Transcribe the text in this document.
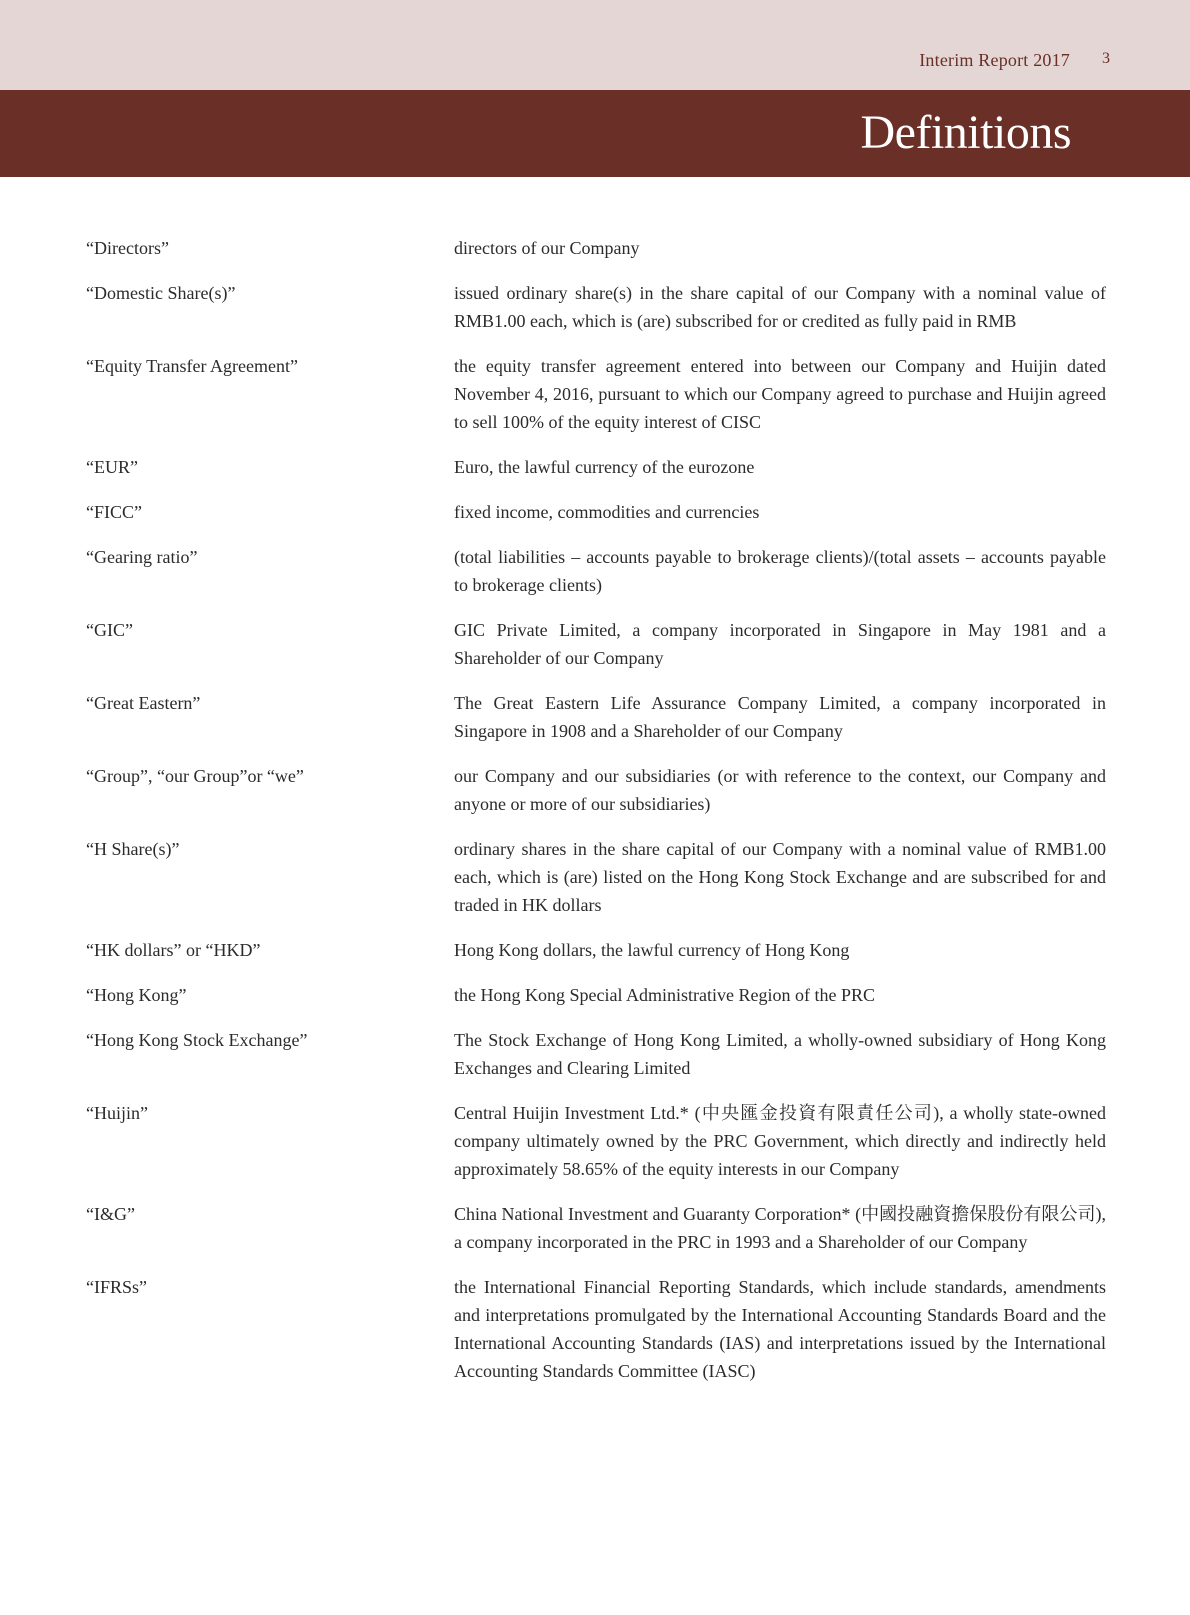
Interim Report 2017 3
Definitions
“Directors”	directors of our Company
“Domestic Share(s)”	issued ordinary share(s) in the share capital of our Company with a nominal value of RMB1.00 each, which is (are) subscribed for or credited as fully paid in RMB
“Equity Transfer Agreement”	the equity transfer agreement entered into between our Company and Huijin dated November 4, 2016, pursuant to which our Company agreed to purchase and Huijin agreed to sell 100% of the equity interest of CISC
“EUR”	Euro, the lawful currency of the eurozone
“FICC”	fixed income, commodities and currencies
“Gearing ratio”	(total liabilities – accounts payable to brokerage clients)/(total assets – accounts payable to brokerage clients)
“GIC”	GIC Private Limited, a company incorporated in Singapore in May 1981 and a Shareholder of our Company
“Great Eastern”	The Great Eastern Life Assurance Company Limited, a company incorporated in Singapore in 1908 and a Shareholder of our Company
“Group”, “our Group”or “we”	our Company and our subsidiaries (or with reference to the context, our Company and anyone or more of our subsidiaries)
“H Share(s)”	ordinary shares in the share capital of our Company with a nominal value of RMB1.00 each, which is (are) listed on the Hong Kong Stock Exchange and are subscribed for and traded in HK dollars
“HK dollars” or “HKD”	Hong Kong dollars, the lawful currency of Hong Kong
“Hong Kong”	the Hong Kong Special Administrative Region of the PRC
“Hong Kong Stock Exchange”	The Stock Exchange of Hong Kong Limited, a wholly-owned subsidiary of Hong Kong Exchanges and Clearing Limited
“Huijin”	Central Huijin Investment Ltd.* (中央匯金投資有限責任公司), a wholly state-owned company ultimately owned by the PRC Government, which directly and indirectly held approximately 58.65% of the equity interests in our Company
“I&G”	China National Investment and Guaranty Corporation* (中國投融資擔保股份有限公司), a company incorporated in the PRC in 1993 and a Shareholder of our Company
“IFRSs”	the International Financial Reporting Standards, which include standards, amendments and interpretations promulgated by the International Accounting Standards Board and the International Accounting Standards (IAS) and interpretations issued by the International Accounting Standards Committee (IASC)
